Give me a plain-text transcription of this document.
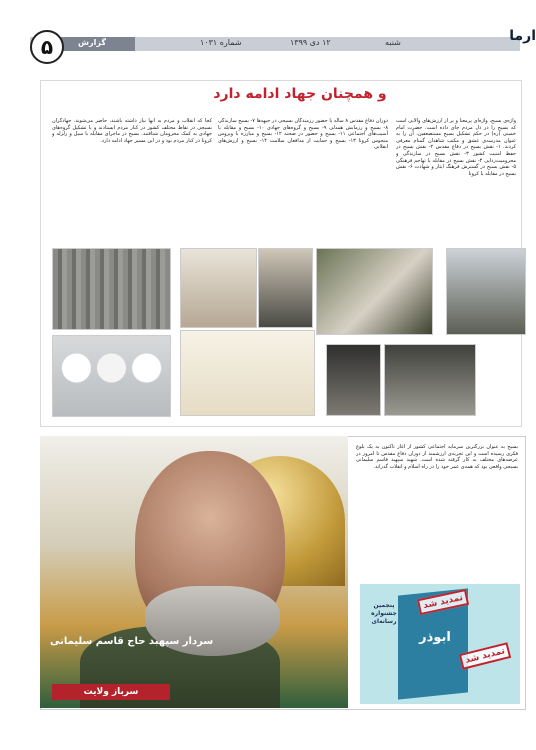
گزارش	شماره ۱۰۳۱	۱۲ دی ۱۳۹۹	شنبه
۵	ارما
و همچنان جهاد ادامه دارد
واژه‌ی بسیج، واژه‌ای پرمعنا و پر از ارزش‌های والایی است که بسیج را در دل مردم جای داده است. حضرت امام خمینی (ره) در حکم تشکیل بسیج مستضعفین، آن را به عنوان مدرسه‌ی عشق و مکتب شاهدان گمنام معرفی کردند. ۱- نقش بسیج در دفاع مقدس ۲- نقش بسیج در حفظ امنیت کشور ۳- نقش بسیج در سازندگی و محرومیت‌زدایی ۴- نقش بسیج در مقابله با تهاجم فرهنگی ۵- نقش بسیج در گسترش فرهنگ ایثار و شهادت ۶- نقش بسیج در مقابله با کرونا
دوران دفاع مقدس ۸ ساله با حضور رزمندگان بسیجی در جبهه‌ها ۷- بسیج سازندگی ۸- بسیج و رزمایش همدلی ۹- بسیج و گروه‌های جهادی ۱۰- بسیج و مقابله با آسیب‌های اجتماعی ۱۱- بسیج و حضور در صحنه ۱۲- بسیج و مبارزه با ویروس منحوس کرونا ۱۳- بسیج و حمایت از مدافعان سلامت ۱۴- بسیج و ارزش‌های انقلابی
کجا که انقلاب و مردم به آنها نیاز داشته باشند، حاضر می‌شوند. جهادگران بسیجی در نقاط مختلف کشور در کنار مردم ایستادند و با تشکیل گروه‌های جهادی به کمک محرومان شتافتند. بسیج در ماجرای مقابله با سیل و زلزله و کرونا در کنار مردم بود و در این مسیر جهاد ادامه دارد.
سردار سپهبد حاج قاسم سلیمانی
سرباز ولایت
بسیج به عنوان بزرگترین سرمایه اجتماعی کشور از آغاز تاکنون به یک بلوغ فکری رسیده است و این تجربه‌ی ارزشمند از دوران دفاع مقدس تا امروز در عرصه‌های مختلف به کار گرفته شده است. شهید سپهبد قاسم سلیمانی بسیجی واقعی بود که همه‌ی عمر خود را در راه اسلام و انقلاب گذراند.
پنجمین جشنواره رسانه‌ای
ابوذر
تمدید شد
تمدید شد
